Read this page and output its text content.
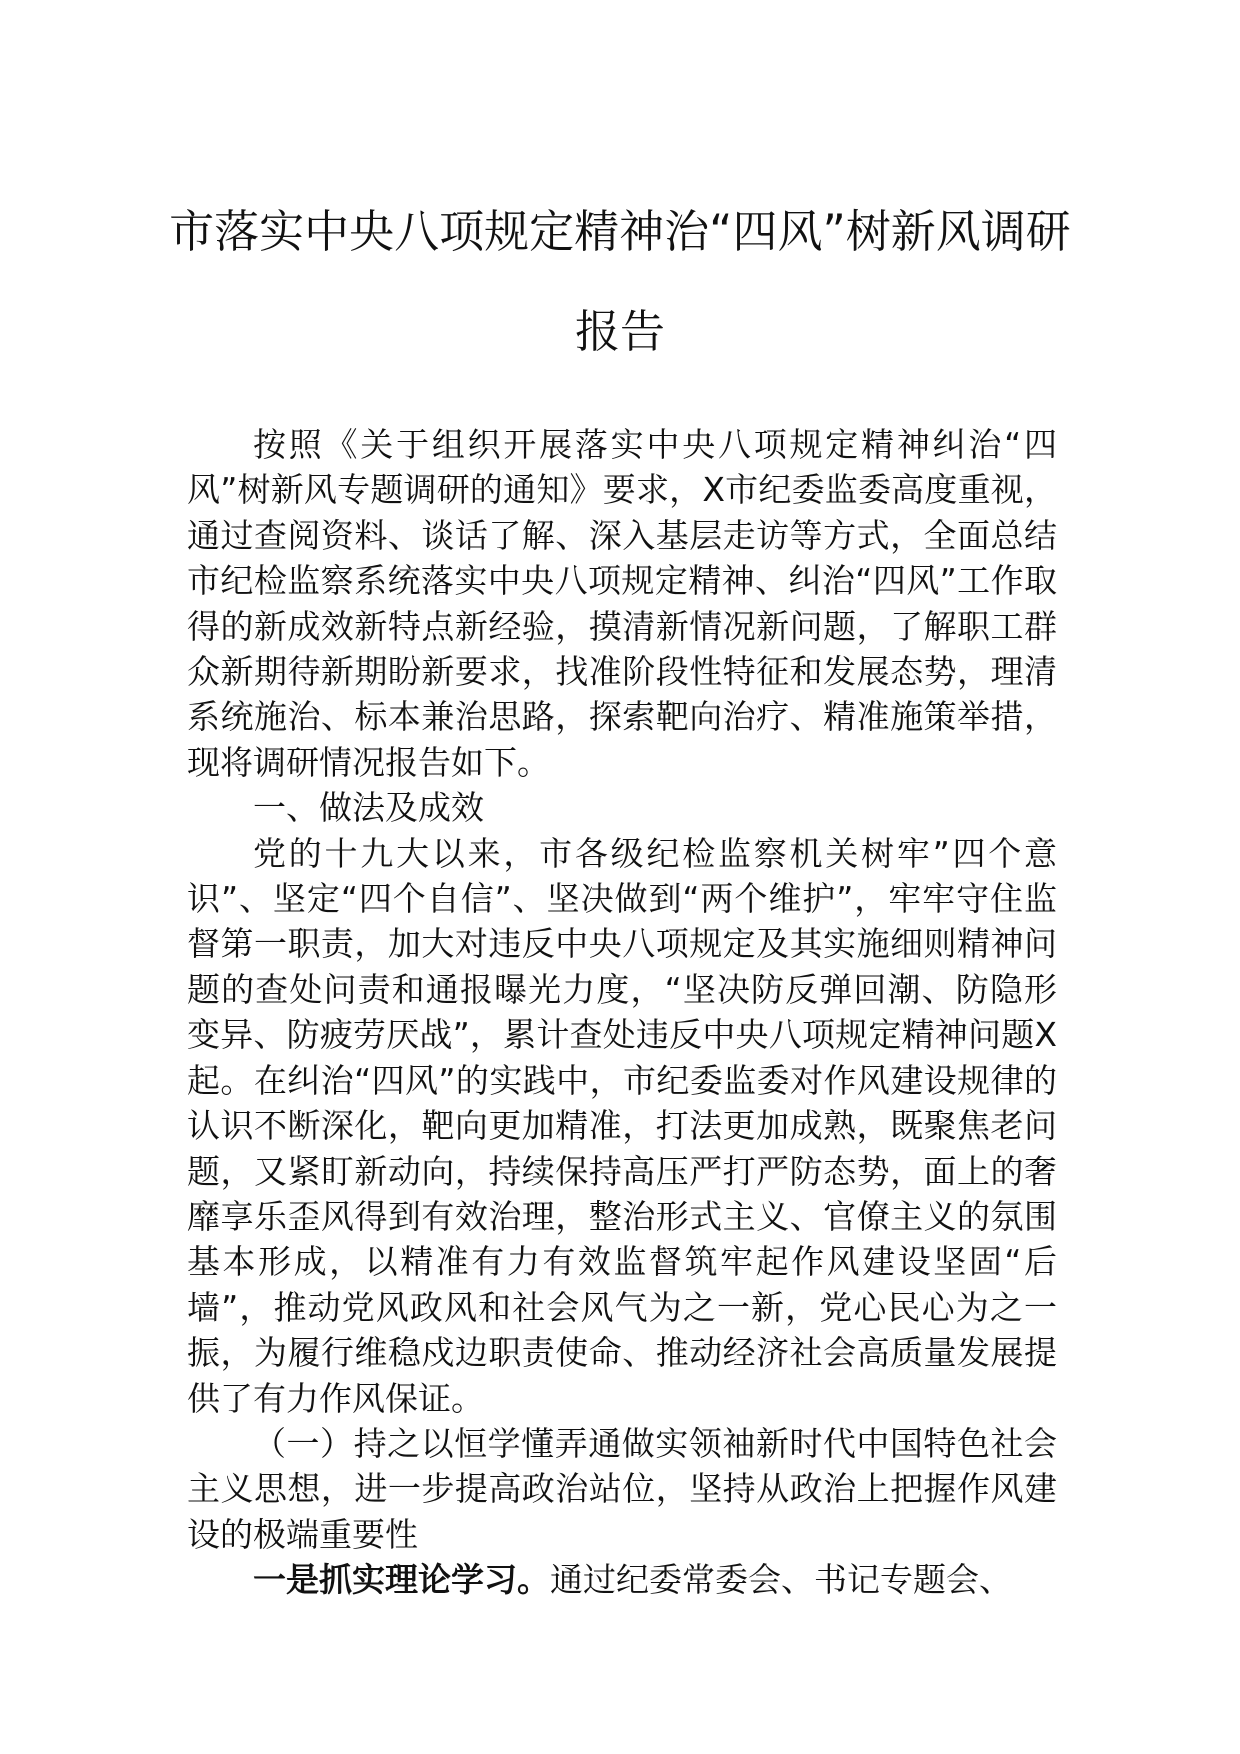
市落实中央八项规定精神治“四风”树新风调研报告

按照《关于组织开展落实中央八项规定精神纠治“四风”树新风专题调研的通知》要求，X市纪委监委高度重视，通过查阅资料、谈话了解、深入基层走访等方式，全面总结市纪检监察系统落实中央八项规定精神、纠治“四风”工作取得的新成效新特点新经验，摸清新情况新问题，了解职工群众新期待新期盼新要求，找准阶段性特征和发展态势，理清系统施治、标本兼治思路，探索靶向治疗、精准施策举措，现将调研情况报告如下。

一、做法及成效

党的十九大以来，市各级纪检监察机关树牢”四个意识”、坚定“四个自信”、坚决做到“两个维护”，牢牢守住监督第一职责，加大对违反中央八项规定及其实施细则精神问题的查处问责和通报曝光力度，“坚决防反弹回潮、防隐形变异、防疲劳厌战”，累计查处违反中央八项规定精神问题X起。在纠治“四风”的实践中，市纪委监委对作风建设规律的认识不断深化，靶向更加精准，打法更加成熟，既聚焦老问题，又紧盯新动向，持续保持高压严打严防态势，面上的奢靡享乐歪风得到有效治理，整治形式主义、官僚主义的氛围基本形成，以精准有力有效监督筑牢起作风建设坚固“后墙”，推动党风政风和社会风气为之一新，党心民心为之一振，为履行维稳戍边职责使命、推动经济社会高质量发展提供了有力作风保证。

（一）持之以恒学懂弄通做实领袖新时代中国特色社会主义思想，进一步提高政治站位，坚持从政治上把握作风建设的极端重要性

一是抓实理论学习。通过纪委常委会、书记专题会、
